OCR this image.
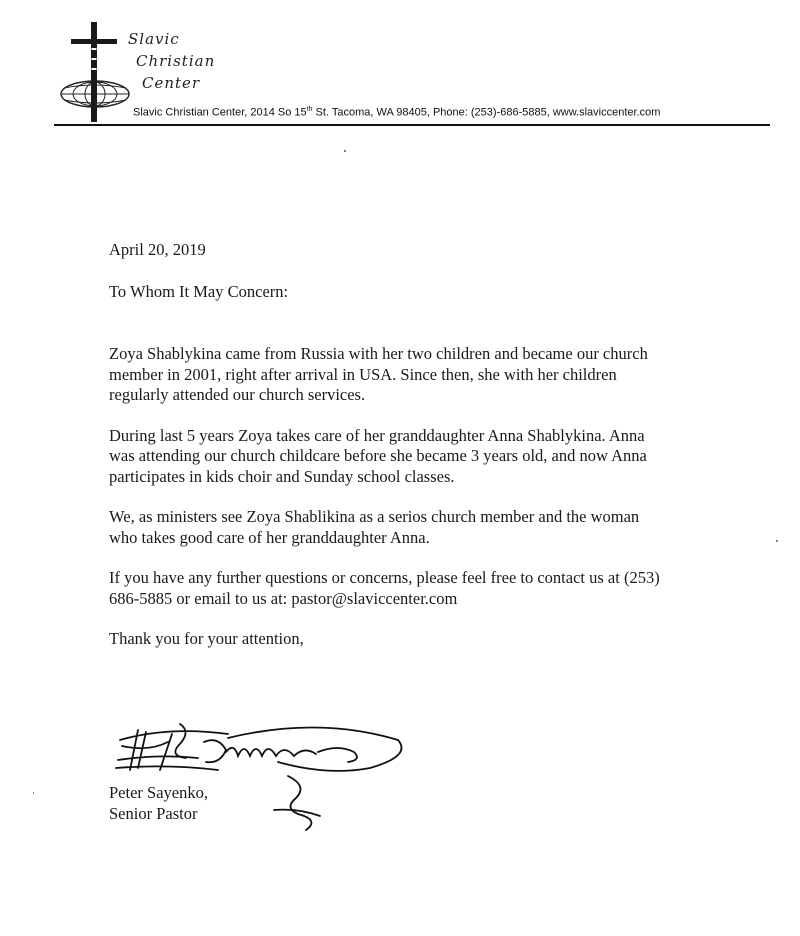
Slavic
Christian
Center
Slavic Christian Center, 2014 So 15th St. Tacoma, WA 98405, Phone: (253)-686-5885, www.slaviccenter.com

April 20, 2019

To Whom It May Concern:

Zoya Shablykina came from Russia with her two children and became our church member in 2001, right after arrival in USA. Since then, she with her children regularly attended our church services.

During last 5 years Zoya takes care of her granddaughter Anna Shablykina. Anna was attending our church childcare before she became 3 years old, and now Anna participates in kids choir and Sunday school classes.

We, as ministers see Zoya Shablikina as a serios church member and the woman who takes good care of her granddaughter Anna.

If you have any further questions or concerns, please feel free to contact us at (253) 686-5885 or email to us at: pastor@slaviccenter.com

Thank you for your attention,

Peter Sayenko,

Senior Pastor
